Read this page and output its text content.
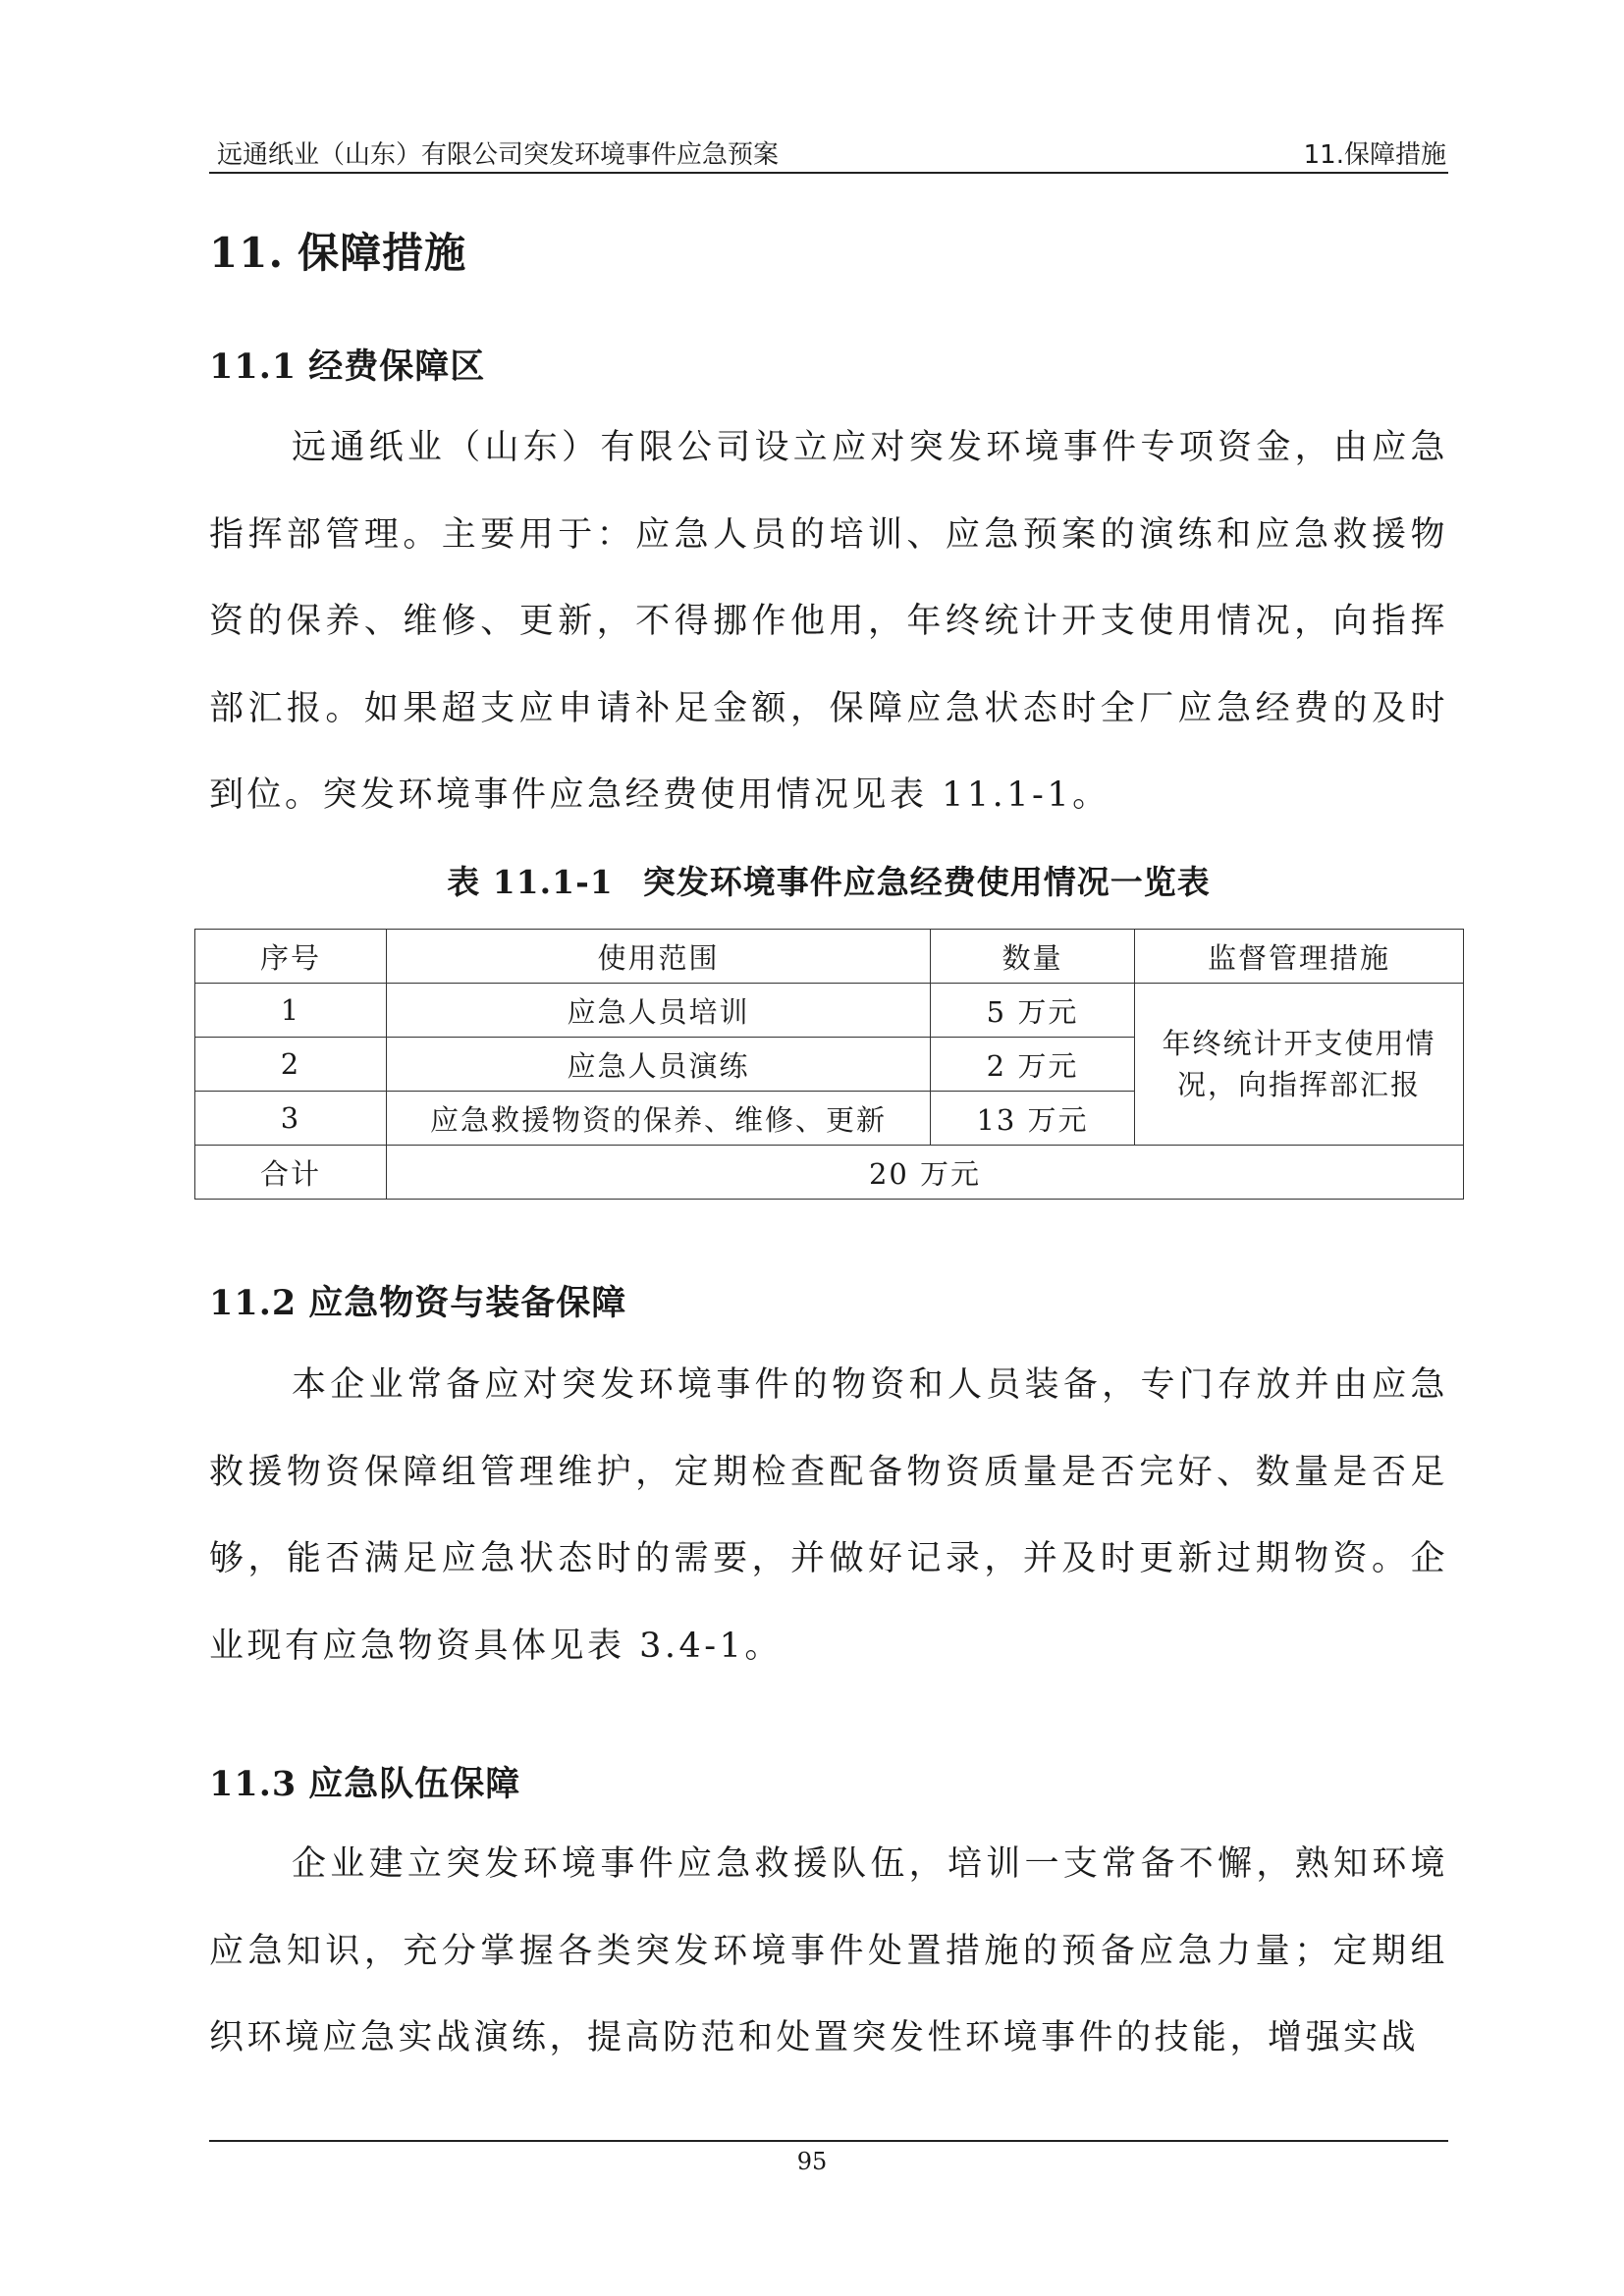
远通纸业（山东）有限公司突发环境事件应急预案	11.保障措施
11. 保障措施
11.1 经费保障区

远通纸业（山东）有限公司设立应对突发环境事件专项资金，由应急指挥部管理。主要用于：应急人员的培训、应急预案的演练和应急救援物资的保养、维修、更新，不得挪作他用，年终统计开支使用情况，向指挥部汇报。如果超支应申请补足金额，保障应急状态时全厂应急经费的及时到位。突发环境事件应急经费使用情况见表 11.1-1。

表 11.1-1 突发环境事件应急经费使用情况一览表
序号	使用范围	数量	监督管理措施
1	应急人员培训	5 万元	年终统计开支使用情况，向指挥部汇报
2	应急人员演练	2 万元	
3	应急救援物资的保养、维修、更新	13 万元	
合计	20 万元		
11.2 应急物资与装备保障

本企业常备应对突发环境事件的物资和人员装备，专门存放并由应急救援物资保障组管理维护，定期检查配备物资质量是否完好、数量是否足够，能否满足应急状态时的需要，并做好记录，并及时更新过期物资。企业现有应急物资具体见表 3.4-1。

11.3 应急队伍保障

企业建立突发环境事件应急救援队伍，培训一支常备不懈，熟知环境应急知识，充分掌握各类突发环境事件处置措施的预备应急力量；定期组织环境应急实战演练，提高防范和处置突发性环境事件的技能，增强实战

95
